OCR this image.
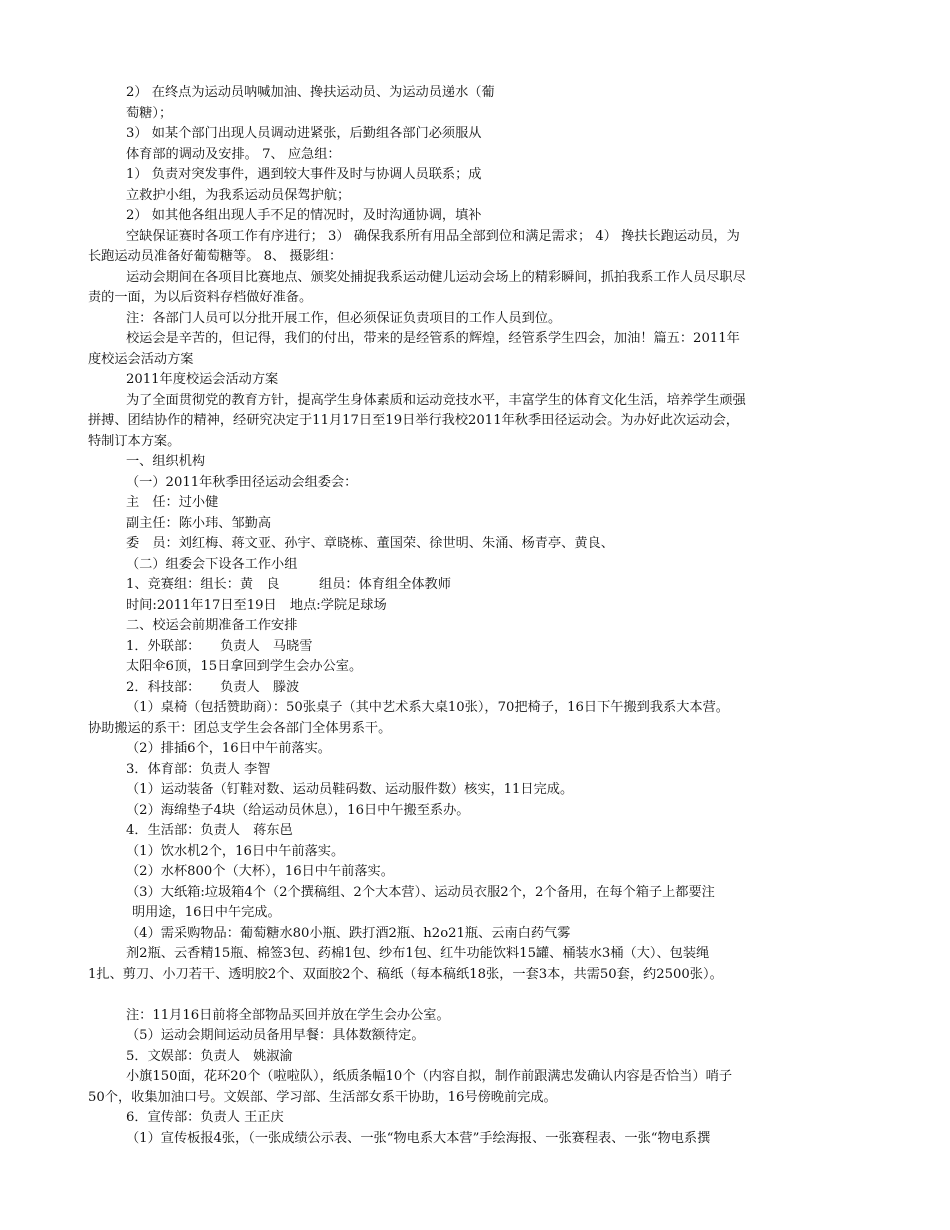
2） 在终点为运动员呐喊加油、搀扶运动员、为运动员递水（葡
萄糖）；
3） 如某个部门出现人员调动进紧张，后勤组各部门必须服从
体育部的调动及安排。 7、 应急组：
1） 负责对突发事件，遇到较大事件及时与协调人员联系；成
立救护小组，为我系运动员保驾护航；
2） 如其他各组出现人手不足的情况时，及时沟通协调，填补
空缺保证赛时各项工作有序进行； 3） 确保我系所有用品全部到位和满足需求； 4） 搀扶长跑运动员，为
长跑运动员准备好葡萄糖等。 8、 摄影组：
运动会期间在各项目比赛地点、颁奖处捕捉我系运动健儿运动会场上的精彩瞬间，抓拍我系工作人员尽职尽
责的一面，为以后资料存档做好准备。
注：各部门人员可以分批开展工作，但必须保证负责项目的工作人员到位。
校运会是辛苦的，但记得，我们的付出，带来的是经管系的辉煌，经管系学生四会，加油！篇五：2011年
度校运会活动方案
2011年度校运会活动方案
为了全面贯彻党的教育方针，提高学生身体素质和运动竞技水平，丰富学生的体育文化生活，培养学生顽强
拼搏、团结协作的精神，经研究决定于11月17日至19日举行我校2011年秋季田径运动会。为办好此次运动会，
特制订本方案。
一、组织机构
（一）2011年秋季田径运动会组委会：
主　任：过小健
副主任：陈小玮、邹勤高
委　员：刘红梅、蒋文亚、孙宇、章晓栋、董国荣、徐世明、朱涌、杨青亭、黄良、
（二）组委会下设各工作小组
1、竞赛组：组长：黄　良　　　组员：体育组全体教师
时间:2011年17日至19日　地点:学院足球场
二、校运会前期准备工作安排
1．外联部：　　负责人　马晓雪
太阳伞6顶，15日拿回到学生会办公室。
2．科技部：　　负责人　滕波
（1）桌椅（包括赞助商）：50张桌子（其中艺术系大桌10张），70把椅子，16日下午搬到我系大本营。
协助搬运的系干：团总支学生会各部门全体男系干。
（2）排插6个，16日中午前落实。
3．体育部：负责人 李智
（1）运动装备（钉鞋对数、运动员鞋码数、运动服件数）核实，11日完成。
（2）海绵垫子4块（给运动员休息），16日中午搬至系办。
4．生活部：负责人　蒋东邑
（1）饮水机2个，16日中午前落实。
（2）水杯800个（大杯），16日中午前落实。
（3）大纸箱:垃圾箱4个（2个撰稿组、2个大本营）、运动员衣服2个，2个备用，在每个箱子上都要注
明用途，16日中午完成。
（4）需采购物品：葡萄糖水80小瓶、跌打酒2瓶、h2o21瓶、云南白药气雾
剂2瓶、云香精15瓶、棉签3包、药棉1包、纱布1包、红牛功能饮料15罐、桶装水3桶（大）、包装绳
1扎、剪刀、小刀若干、透明胶2个、双面胶2个、稿纸（每本稿纸18张，一套3本，共需50套，约2500张）。
注：11月16日前将全部物品买回并放在学生会办公室。
（5）运动会期间运动员备用早餐：具体数额待定。
5．文娱部：负责人　姚淑渝
小旗150面，花环20个（啦啦队），纸质条幅10个（内容自拟，制作前跟满忠发确认内容是否恰当）哨子
50个，收集加油口号。文娱部、学习部、生活部女系干协助，16号傍晚前完成。
6．宣传部：负责人 王正庆
（1）宣传板报4张，（一张成绩公示表、一张“物电系大本营”手绘海报、一张赛程表、一张“物电系撰
